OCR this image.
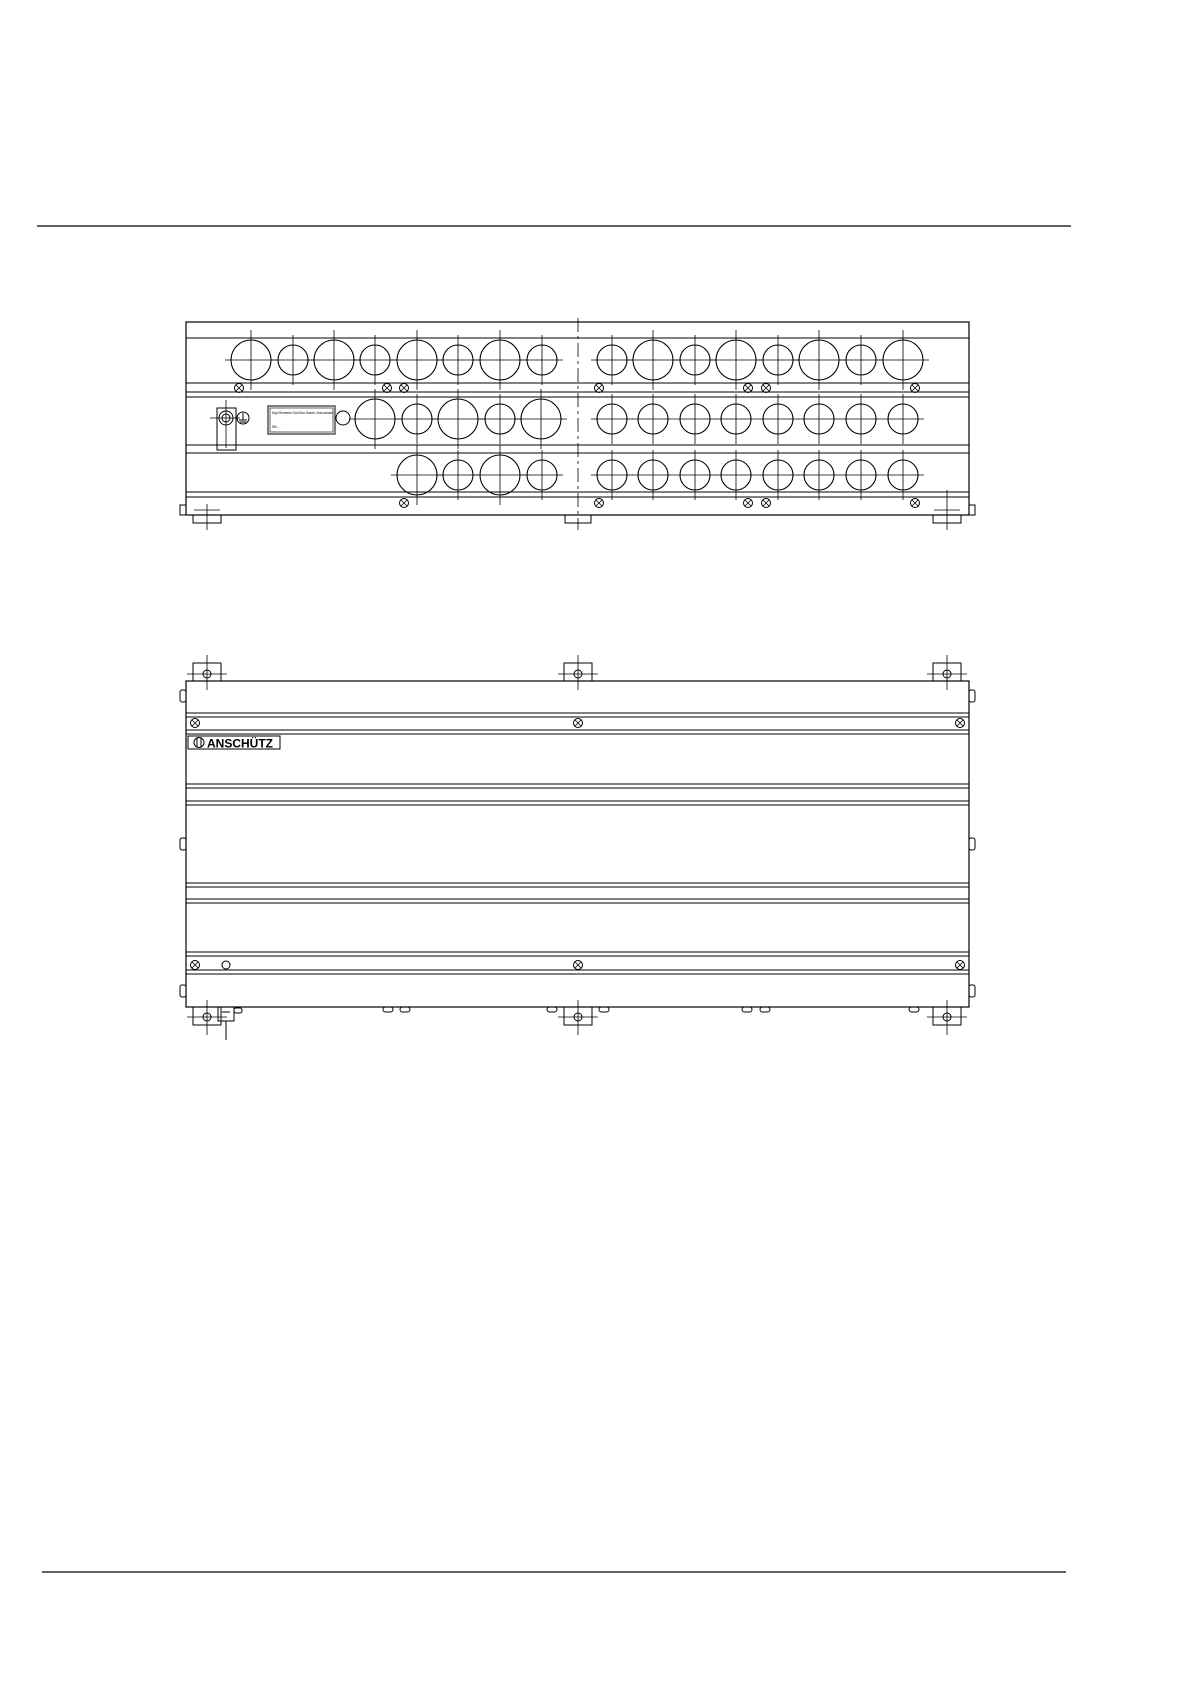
Kay Elements Grid Box Hazelr. Annunciator
SN: ...
...
ANSCHÜTZ
